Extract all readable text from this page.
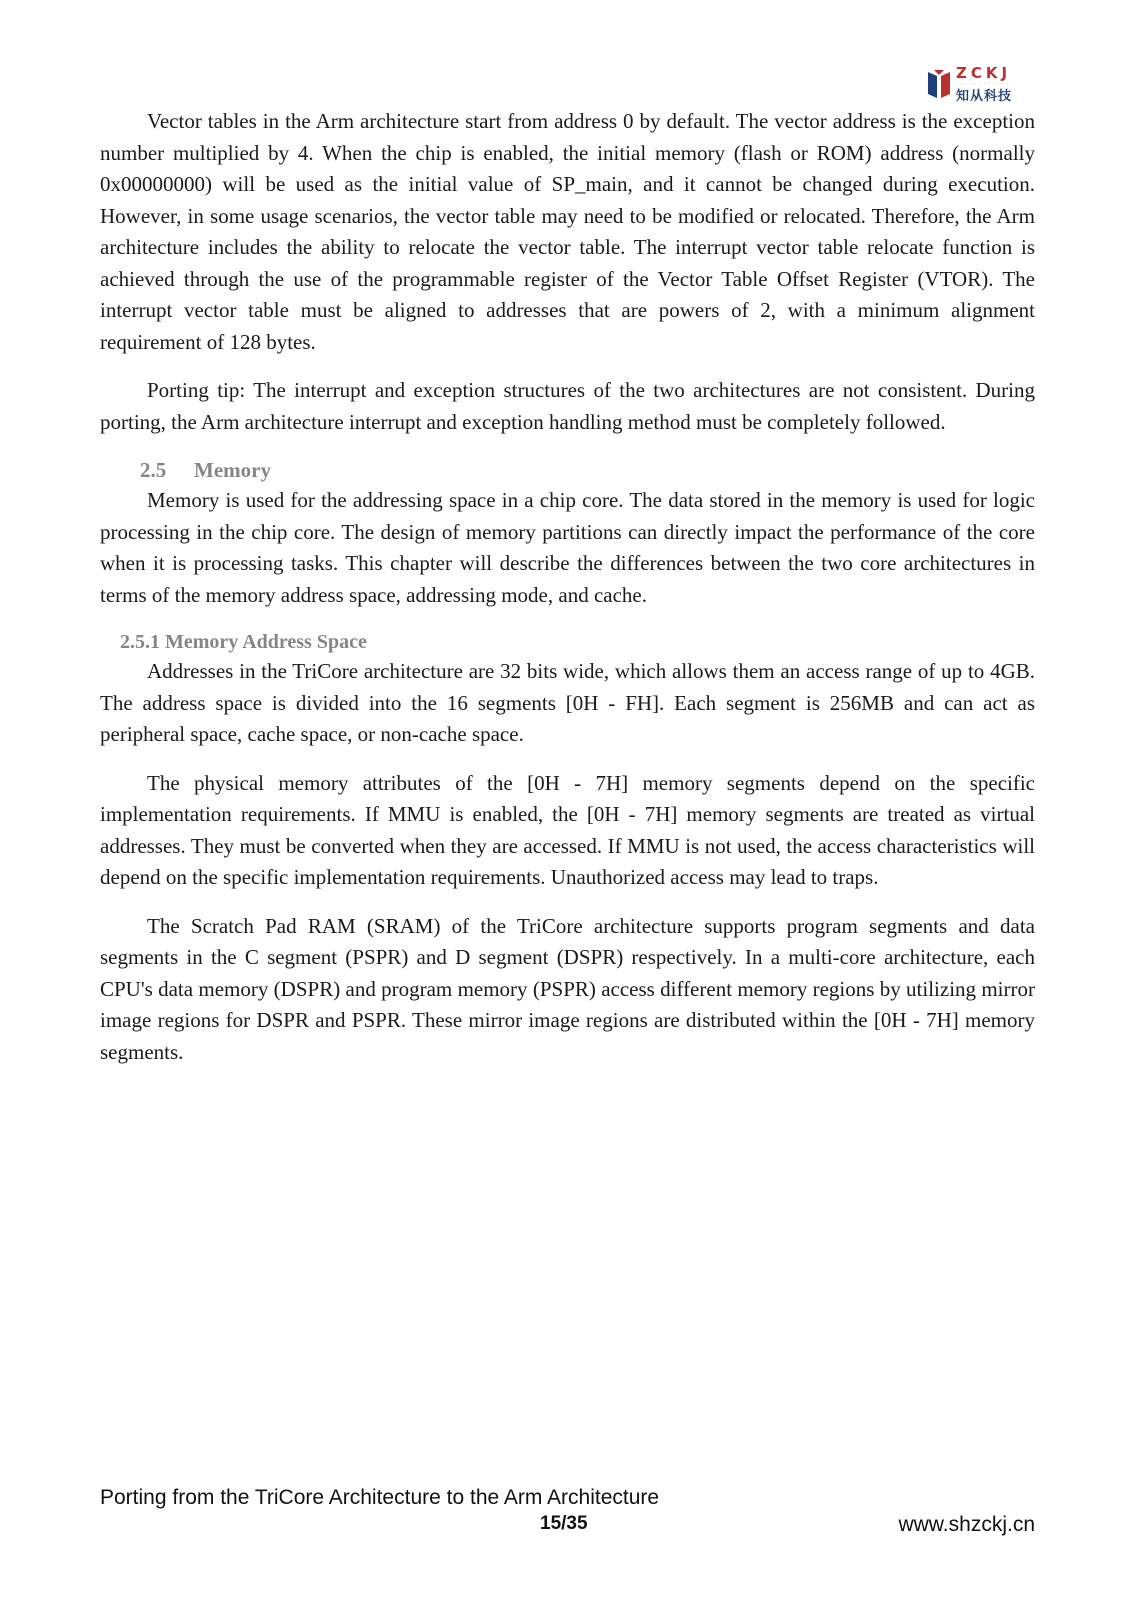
ZCKJ
· · · · · · · · · · · · ·
知从科技

Vector tables in the Arm architecture start from address 0 by default. The vector address is the exception number multiplied by 4. When the chip is enabled, the initial memory (flash or ROM) address (normally 0x00000000) will be used as the initial value of SP_main, and it cannot be changed during execution. However, in some usage scenarios, the vector table may need to be modified or relocated. Therefore, the Arm architecture includes the ability to relocate the vector table. The interrupt vector table relocate function is achieved through the use of the programmable register of the Vector Table Offset Register (VTOR). The interrupt vector table must be aligned to addresses that are powers of 2, with a minimum alignment requirement of 128 bytes.

Porting tip: The interrupt and exception structures of the two architectures are not consistent. During porting, the Arm architecture interrupt and exception handling method must be completely followed.

2.5 Memory

Memory is used for the addressing space in a chip core. The data stored in the memory is used for logic processing in the chip core. The design of memory partitions can directly impact the performance of the core when it is processing tasks. This chapter will describe the differences between the two core architectures in terms of the memory address space, addressing mode, and cache.

2.5.1 Memory Address Space

Addresses in the TriCore architecture are 32 bits wide, which allows them an access range of up to 4GB. The address space is divided into the 16 segments [0H - FH]. Each segment is 256MB and can act as peripheral space, cache space, or non-cache space.

The physical memory attributes of the [0H - 7H] memory segments depend on the specific implementation requirements. If MMU is enabled, the [0H - 7H] memory segments are treated as virtual addresses. They must be converted when they are accessed. If MMU is not used, the access characteristics will depend on the specific implementation requirements. Unauthorized access may lead to traps.

The Scratch Pad RAM (SRAM) of the TriCore architecture supports program segments and data segments in the C segment (PSPR) and D segment (DSPR) respectively. In a multi-core architecture, each CPU's data memory (DSPR) and program memory (PSPR) access different memory regions by utilizing mirror image regions for DSPR and PSPR. These mirror image regions are distributed within the [0H - 7H] memory segments.

Porting from the TriCore Architecture to the Arm Architecture
15/35	www.shzckj.cn
